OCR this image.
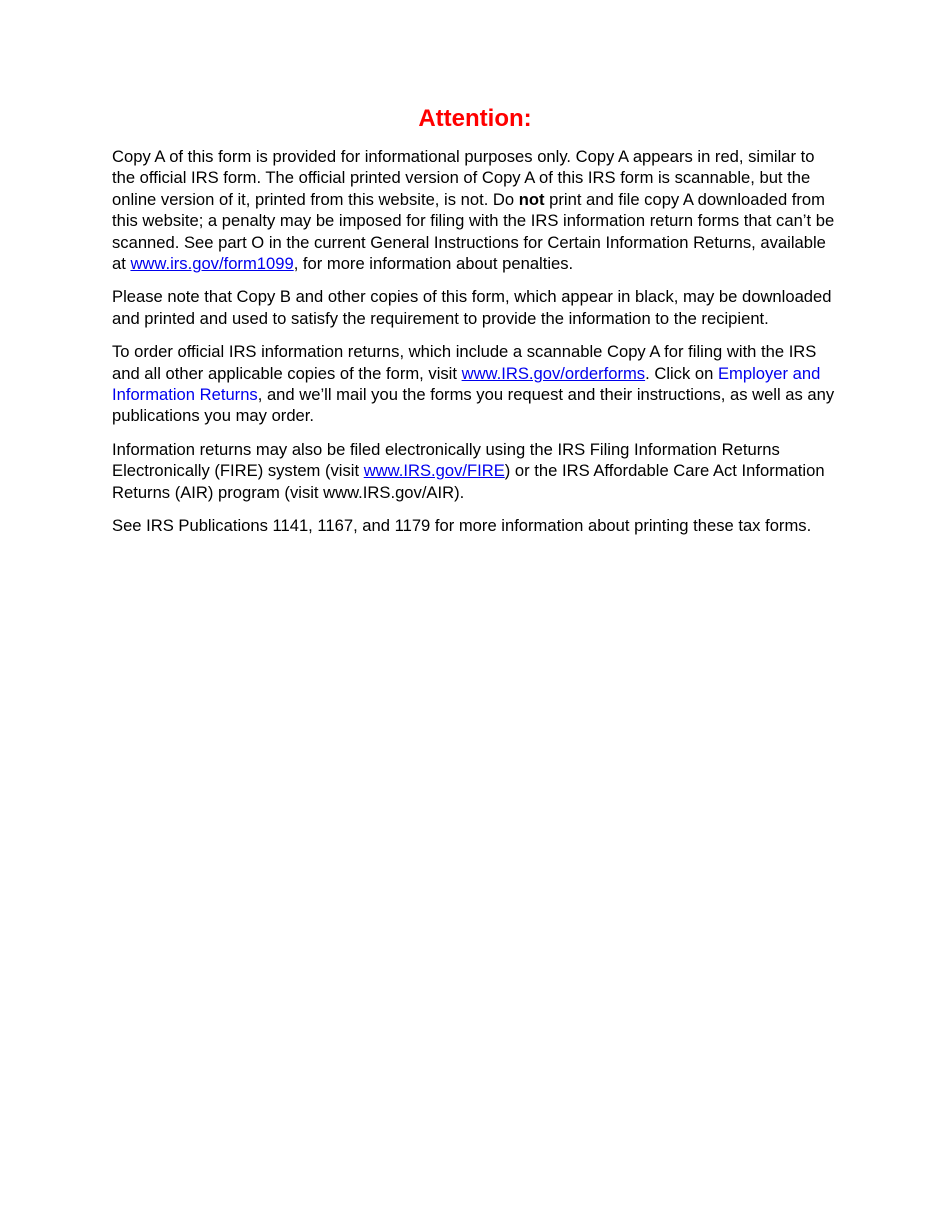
Attention:

Copy A of this form is provided for informational purposes only. Copy A appears in red, similar to the official IRS form. The official printed version of Copy A of this IRS form is scannable, but the online version of it, printed from this website, is not. Do not print and file copy A downloaded from this website; a penalty may be imposed for filing with the IRS information return forms that can’t be scanned. See part O in the current General Instructions for Certain Information Returns, available at www.irs.gov/form1099, for more information about penalties.

Please note that Copy B and other copies of this form, which appear in black, may be downloaded and printed and used to satisfy the requirement to provide the information to the recipient.

To order official IRS information returns, which include a scannable Copy A for filing with the IRS and all other applicable copies of the form, visit www.IRS.gov/orderforms. Click on Employer and Information Returns, and we’ll mail you the forms you request and their instructions, as well as any publications you may order.

Information returns may also be filed electronically using the IRS Filing Information Returns Electronically (FIRE) system (visit www.IRS.gov/FIRE) or the IRS Affordable Care Act Information Returns (AIR) program (visit www.IRS.gov/AIR).

See IRS Publications 1141, 1167, and 1179 for more information about printing these tax forms.
